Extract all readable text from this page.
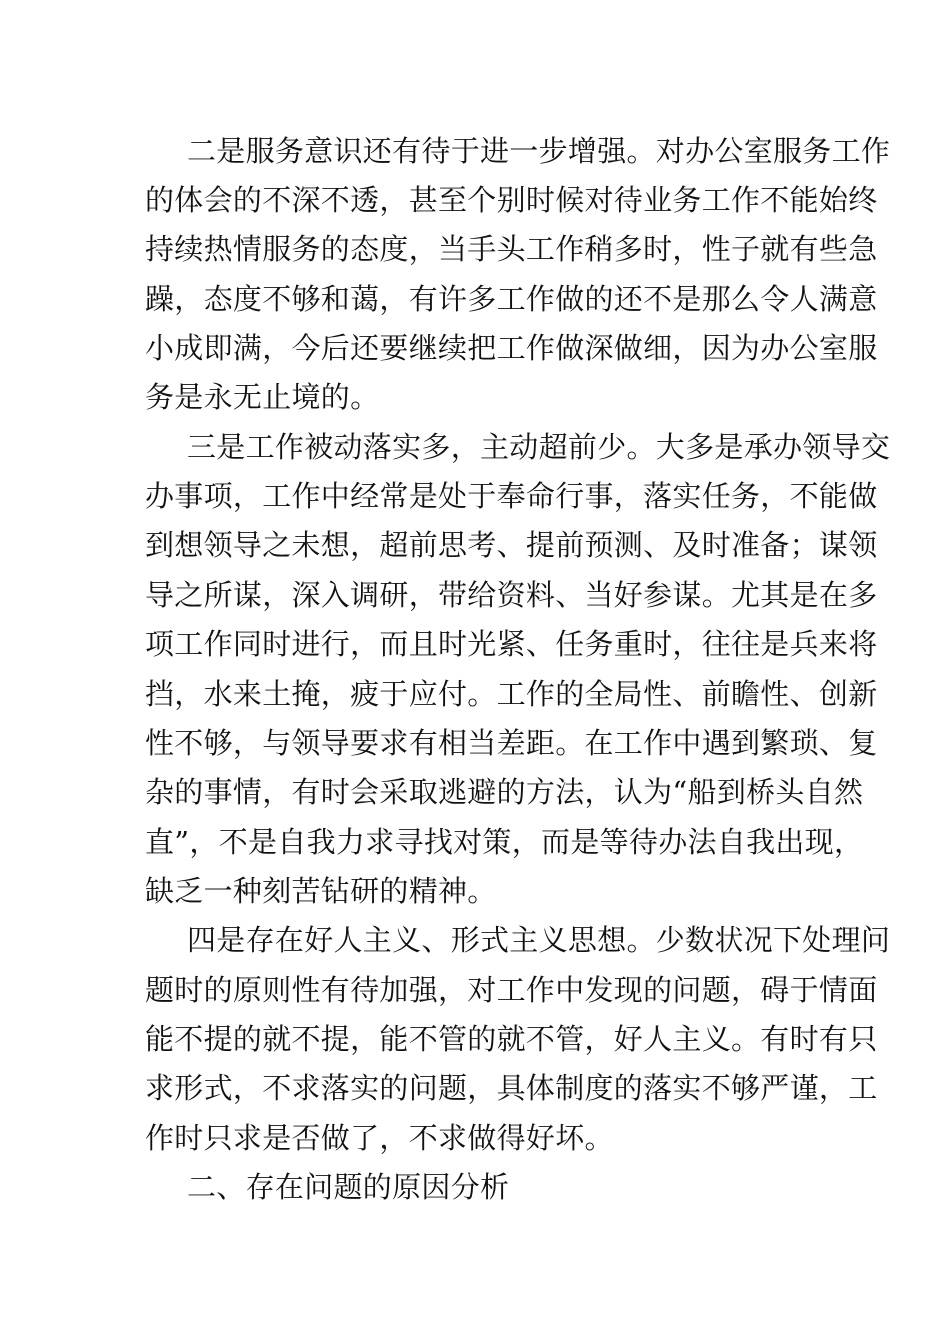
二是服务意识还有待于进一步增强。对办公室服务工作
的体会的不深不透，甚至个别时候对待业务工作不能始终
持续热情服务的态度，当手头工作稍多时，性子就有些急
躁，态度不够和蔼，有许多工作做的还不是那么令人满意
小成即满，今后还要继续把工作做深做细，因为办公室服
务是永无止境的。
三是工作被动落实多，主动超前少。大多是承办领导交
办事项，工作中经常是处于奉命行事，落实任务，不能做
到想领导之未想，超前思考、提前预测、及时准备；谋领
导之所谋，深入调研，带给资料、当好参谋。尤其是在多
项工作同时进行，而且时光紧、任务重时，往往是兵来将
挡，水来土掩，疲于应付。工作的全局性、前瞻性、创新
性不够，与领导要求有相当差距。在工作中遇到繁琐、复
杂的事情，有时会采取逃避的方法，认为“船到桥头自然
直”，不是自我力求寻找对策，而是等待办法自我出现，
缺乏一种刻苦钻研的精神。
四是存在好人主义、形式主义思想。少数状况下处理问
题时的原则性有待加强，对工作中发现的问题，碍于情面
能不提的就不提，能不管的就不管，好人主义。有时有只
求形式，不求落实的问题，具体制度的落实不够严谨，工
作时只求是否做了，不求做得好坏。
二、存在问题的原因分析
